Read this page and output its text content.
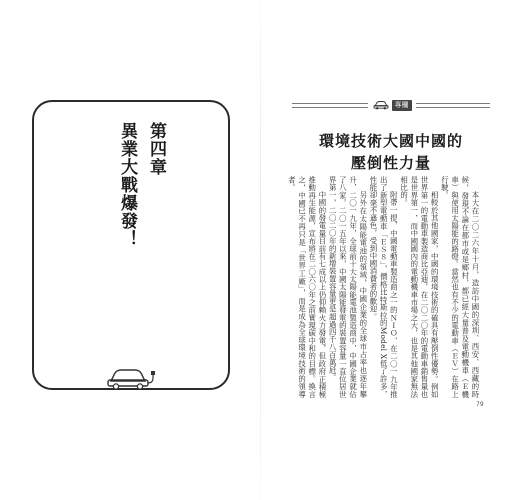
第四章
異業大戰爆發！
專欄
環境技術大國中國的
壓倒性力量

本大在二〇二六年十月，造訪中國的深圳、西安、西藏的時候，發現不論在都市或是鄉村，都已經大量普及電動機車（Ｅ機車）與使用太陽能的路燈。當然也有不少的電動車（ＥＶ）在路上行駛。

相較於其他國家，中國的環境技術的確具有壓倒性優勢。例如世界第一的電動車製造商比亞迪，在二〇二〇年的電動車銷售量也是世界第一，而中國國內的電動機車市場之大，也是其他國家無法相比的。

附帶一提，中國電動車製造商之一的ＮＩＯ，在二〇一九年推出了新型電動車「ＥＳ８」，價格比特斯拉的Model X低了許多，性能卻毫不遜色，受到中國消費者的歡迎。

另外在太陽能電池的領域，中國企業的全球市占率也逐年攀升，二〇一九年，全球前十大太陽能電池製造商中，中國企業就佔了八家。二〇一五年以來，中國太陽能發電的裝置容量一直位居世界第一，二〇二〇年的新增裝置容量更是超過四千八百萬瓩。

中國的發電量目前有七成以上仍仰賴火力發電，但政府正積極推動再生能源，宣布將在二〇六〇年之前實現碳中和的目標。換言之，中國已不再只是「世界工廠」，而是成為全球環境技術的領導者。

79
